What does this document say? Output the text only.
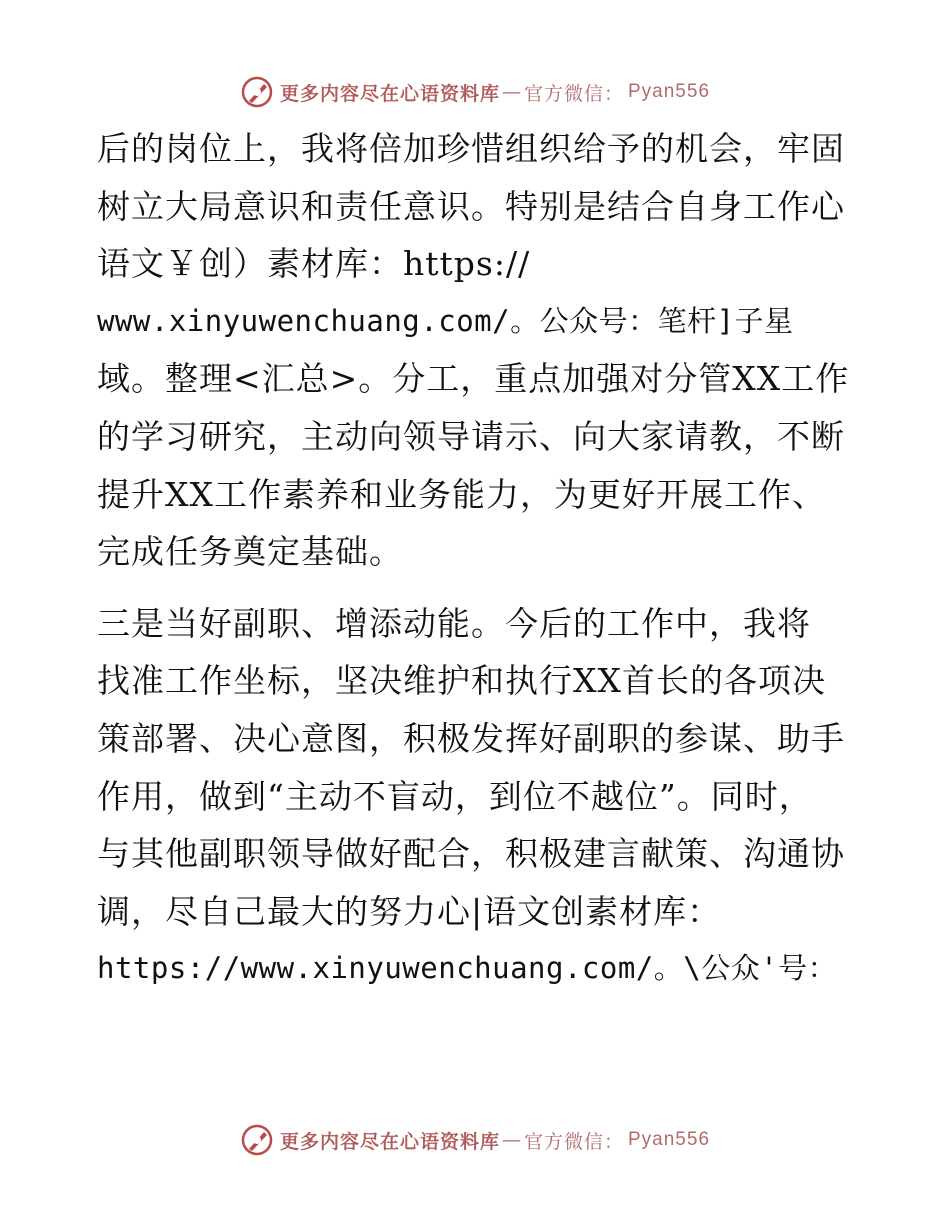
更多内容尽在心语资料库 — 官方微信： Pyan556
后的岗位上，我将倍加珍惜组织给予的机会，牢固
树立大局意识和责任意识。特别是结合自身工作心
语文￥创）素材库：https://
www.xinyuwenchuang.com/。公众号：笔杆]子星
域。整理<汇总>。分工，重点加强对分管XX工作
的学习研究，主动向领导请示、向大家请教，不断
提升XX工作素养和业务能力，为更好开展工作、
完成任务奠定基础。
三是当好副职、增添动能。今后的工作中，我将
找准工作坐标，坚决维护和执行XX首长的各项决
策部署、决心意图，积极发挥好副职的参谋、助手
作用，做到“主动不盲动，到位不越位”。同时，
与其他副职领导做好配合，积极建言献策、沟通协
调，尽自己最大的努力心|语文创素材库：
https://www.xinyuwenchuang.com/。\公众'号：
更多内容尽在心语资料库 — 官方微信： Pyan556
